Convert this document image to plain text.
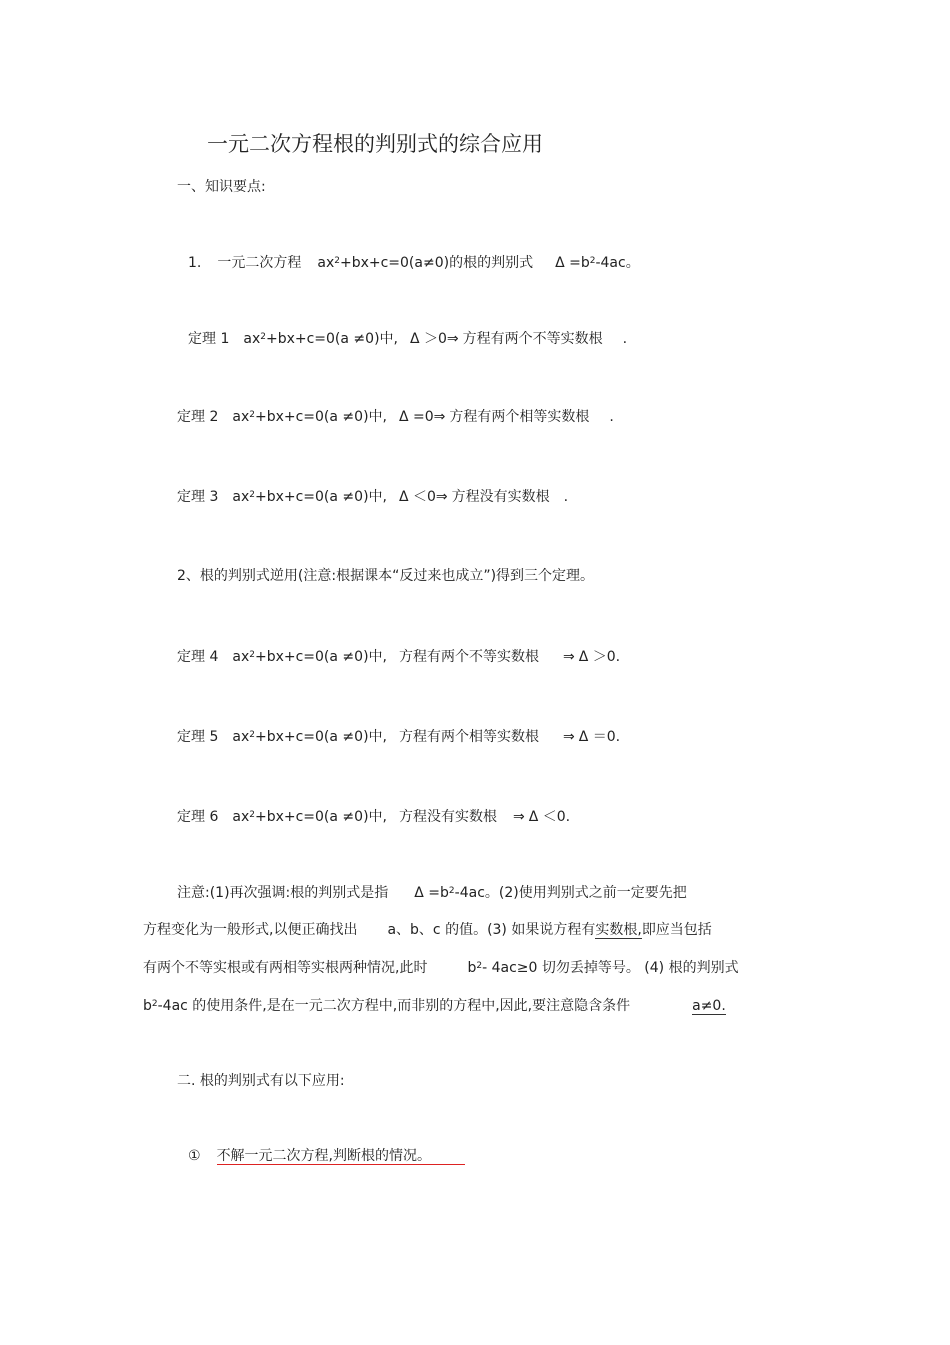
一元二次方程根的判别式的综合应用
一、知识要点:
1. 一元二次方程 $ax^2+bx+c=0(a\ne 0)$的根的判别式 $\Delta =b^2-4ac$。
定理 1 $ax^2+bx+c=0(a \ne 0)$中, Δ ＞0⇒ 方程有两个不等实数根 .
定理 2 $ax^2+bx+c=0(a \ne 0)$中, Δ =0⇒ 方程有两个相等实数根 .
定理 3 $ax^2+bx+c=0(a \ne 0)$中, Δ ＜0⇒ 方程没有实数根 .
2、根的判别式逆用(注意:根据课本“反过来也成立”)得到三个定理。
定理 4 $ax^2+bx+c=0(a \ne 0)$中, 方程有两个不等实数根 ⇒ Δ ＞0.
定理 5 $ax^2+bx+c=0(a \ne 0)$中, 方程有两个相等实数根 ⇒ Δ ＝0.
定理 6 $ax^2+bx+c=0(a \ne 0)$中, 方程没有实数根 ⇒ Δ ＜0.
注意:(1)再次强调:根的判别式是指 $\Delta =b^2-4ac$。(2)使用判别式之前一定要先把
方程变化为一般形式,以便正确找出 a、b、c 的值。(3) 如果说方程有实数根,即应当包括
有两个不等实根或有两相等实根两种情况,此时	$b^2-$ 4ac≥0 切勿丢掉等号。 (4) 根的判别式
$b^2-4ac$ 的使用条件,是在一元二次方程中,而非别的方程中,因此,要注意隐含条件	a≠0.
二. 根的判别式有以下应用:
① 不解一元二次方程,判断根的情况。
